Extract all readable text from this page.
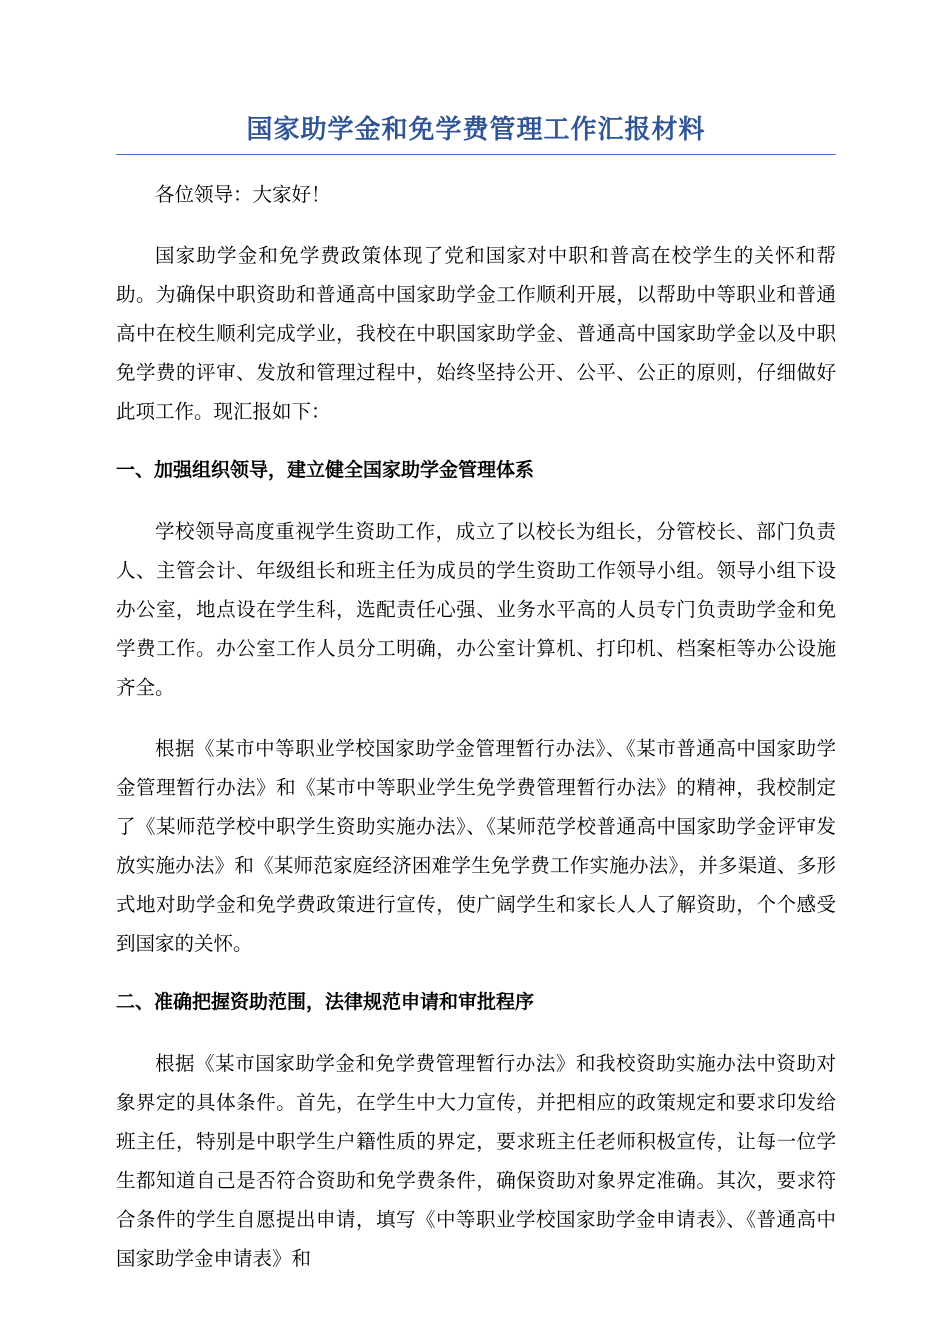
国家助学金和免学费管理工作汇报材料

各位领导：大家好！

国家助学金和免学费政策体现了党和国家对中职和普高在校学生的关怀和帮助。为确保中职资助和普通高中国家助学金工作顺利开展，以帮助中等职业和普通高中在校生顺利完成学业，我校在中职国家助学金、普通高中国家助学金以及中职免学费的评审、发放和管理过程中，始终坚持公开、公平、公正的原则，仔细做好此项工作。现汇报如下：

一、加强组织领导，建立健全国家助学金管理体系

学校领导高度重视学生资助工作，成立了以校长为组长，分管校长、部门负责人、主管会计、年级组长和班主任为成员的学生资助工作领导小组。领导小组下设办公室，地点设在学生科，选配责任心强、业务水平高的人员专门负责助学金和免学费工作。办公室工作人员分工明确，办公室计算机、打印机、档案柜等办公设施齐全。

根据《某市中等职业学校国家助学金管理暂行办法》、《某市普通高中国家助学金管理暂行办法》和《某市中等职业学生免学费管理暂行办法》的精神，我校制定了《某师范学校中职学生资助实施办法》、《某师范学校普通高中国家助学金评审发放实施办法》和《某师范家庭经济困难学生免学费工作实施办法》，并多渠道、多形式地对助学金和免学费政策进行宣传，使广阔学生和家长人人了解资助，个个感受到国家的关怀。

二、准确把握资助范围，法律规范申请和审批程序

根据《某市国家助学金和免学费管理暂行办法》和我校资助实施办法中资助对象界定的具体条件。首先，在学生中大力宣传，并把相应的政策规定和要求印发给班主任，特别是中职学生户籍性质的界定，要求班主任老师积极宣传，让每一位学生都知道自己是否符合资助和免学费条件，确保资助对象界定准确。其次，要求符合条件的学生自愿提出申请，填写《中等职业学校国家助学金申请表》、《普通高中国家助学金申请表》和
